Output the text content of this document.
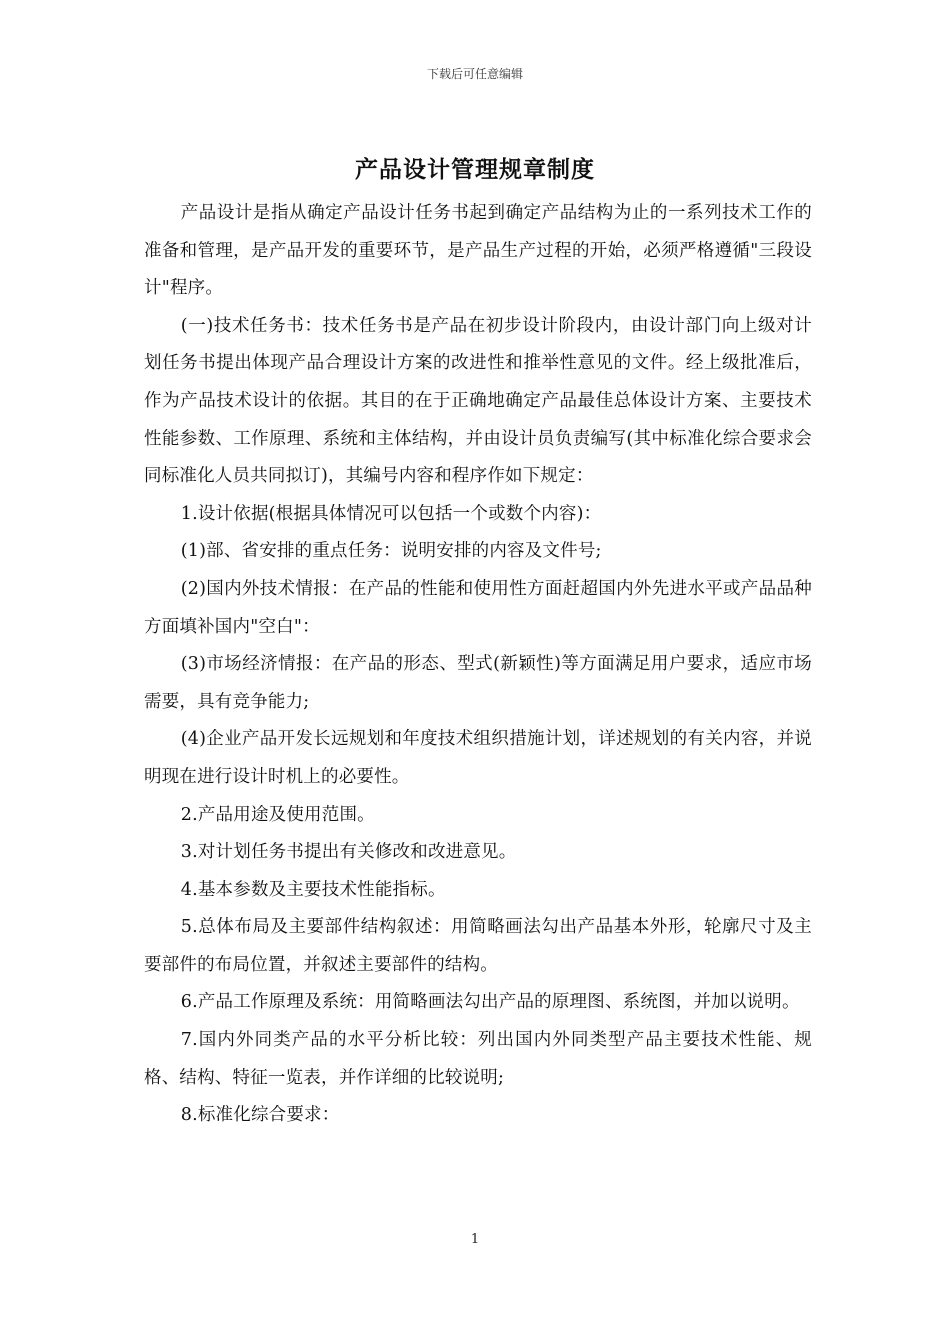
下载后可任意编辑
产品设计管理规章制度

产品设计是指从确定产品设计任务书起到确定产品结构为止的一系列技术工作的准备和管理，是产品开发的重要环节，是产品生产过程的开始，必须严格遵循"三段设计"程序。

(一)技术任务书：技术任务书是产品在初步设计阶段内，由设计部门向上级对计划任务书提出体现产品合理设计方案的改进性和推举性意见的文件。经上级批准后，作为产品技术设计的依据。其目的在于正确地确定产品最佳总体设计方案、主要技术性能参数、工作原理、系统和主体结构，并由设计员负责编写(其中标准化综合要求会同标准化人员共同拟订)，其编号内容和程序作如下规定：

1.设计依据(根据具体情况可以包括一个或数个内容)：

(1)部、省安排的重点任务：说明安排的内容及文件号;

(2)国内外技术情报：在产品的性能和使用性方面赶超国内外先进水平或产品品种方面填补国内"空白"：

(3)市场经济情报：在产品的形态、型式(新颖性)等方面满足用户要求，适应市场需要，具有竞争能力;

(4)企业产品开发长远规划和年度技术组织措施计划，详述规划的有关内容，并说明现在进行设计时机上的必要性。

2.产品用途及使用范围。

3.对计划任务书提出有关修改和改进意见。

4.基本参数及主要技术性能指标。

5.总体布局及主要部件结构叙述：用简略画法勾出产品基本外形，轮廓尺寸及主要部件的布局位置，并叙述主要部件的结构。

6.产品工作原理及系统：用简略画法勾出产品的原理图、系统图，并加以说明。

7.国内外同类产品的水平分析比较：列出国内外同类型产品主要技术性能、规格、结构、特征一览表，并作详细的比较说明;

8.标准化综合要求：

1
